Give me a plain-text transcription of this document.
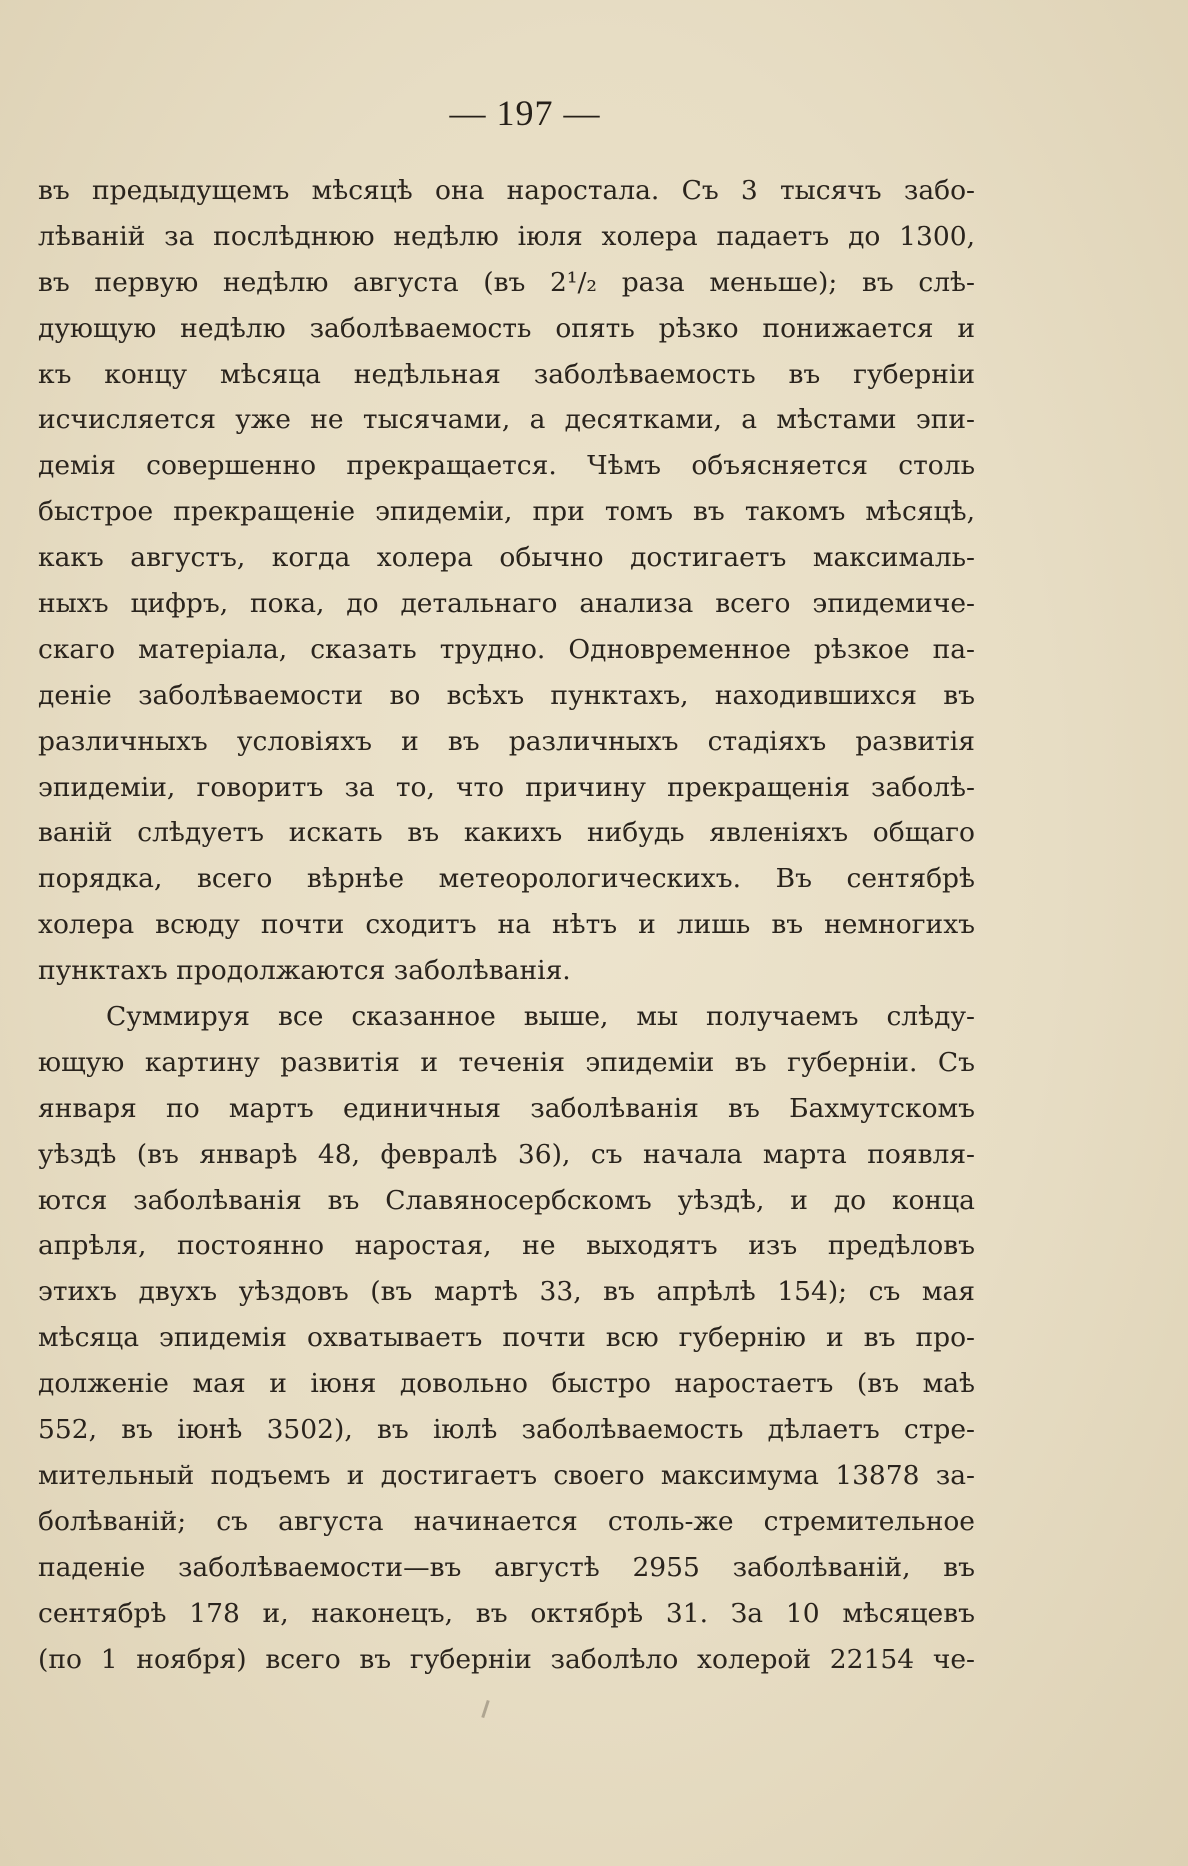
— 197 —
въ предыдущемъ мѣсяцѣ она наростала. Съ 3 тысячъ забо-
лѣваній за послѣднюю недѣлю іюля холера падаетъ до 1300,
въ первую недѣлю августа (въ 2¹/₂ раза меньше); въ слѣ-
дующую недѣлю заболѣваемость опять рѣзко понижается и
къ концу мѣсяца недѣльная заболѣваемость въ губерніи
исчисляется уже не тысячами, а десятками, а мѣстами эпи-
демія совершенно прекращается. Чѣмъ объясняется столь
быстрое прекращеніе эпидеміи, при томъ въ такомъ мѣсяцѣ,
какъ августъ, когда холера обычно достигаетъ максималь-
ныхъ цифръ, пока, до детальнаго анализа всего эпидемиче-
скаго матеріала, сказать трудно. Одновременное рѣзкое па-
деніе заболѣваемости во всѣхъ пунктахъ, находившихся въ
различныхъ условіяхъ и въ различныхъ стадіяхъ развитія
эпидеміи, говоритъ за то, что причину прекращенія заболѣ-
ваній слѣдуетъ искать въ какихъ нибудь явленіяхъ общаго
порядка, всего вѣрнѣе метеорологическихъ. Въ сентябрѣ
холера всюду почти сходитъ на нѣтъ и лишь въ немногихъ
пунктахъ продолжаются заболѣванія.
Суммируя все сказанное выше, мы получаемъ слѣду-
ющую картину развитія и теченія эпидеміи въ губерніи. Съ
января по мартъ единичныя заболѣванія въ Бахмутскомъ
уѣздѣ (въ январѣ 48, февралѣ 36), съ начала марта появля-
ются заболѣванія въ Славяносербскомъ уѣздѣ, и до конца
апрѣля, постоянно наростая, не выходятъ изъ предѣловъ
этихъ двухъ уѣздовъ (въ мартѣ 33, въ апрѣлѣ 154); съ мая
мѣсяца эпидемія охватываетъ почти всю губернію и въ про-
долженіе мая и іюня довольно быстро наростаетъ (въ маѣ
552, въ іюнѣ 3502), въ іюлѣ заболѣваемость дѣлаетъ стре-
мительный подъемъ и достигаетъ своего максимума 13878 за-
болѣваній; съ августа начинается столь-же стремительное
паденіе заболѣваемости—въ августѣ 2955 заболѣваній, въ
сентябрѣ 178 и, наконецъ, въ октябрѣ 31. За 10 мѣсяцевъ
(по 1 ноября) всего въ губерніи заболѣло холерой 22154 че-
